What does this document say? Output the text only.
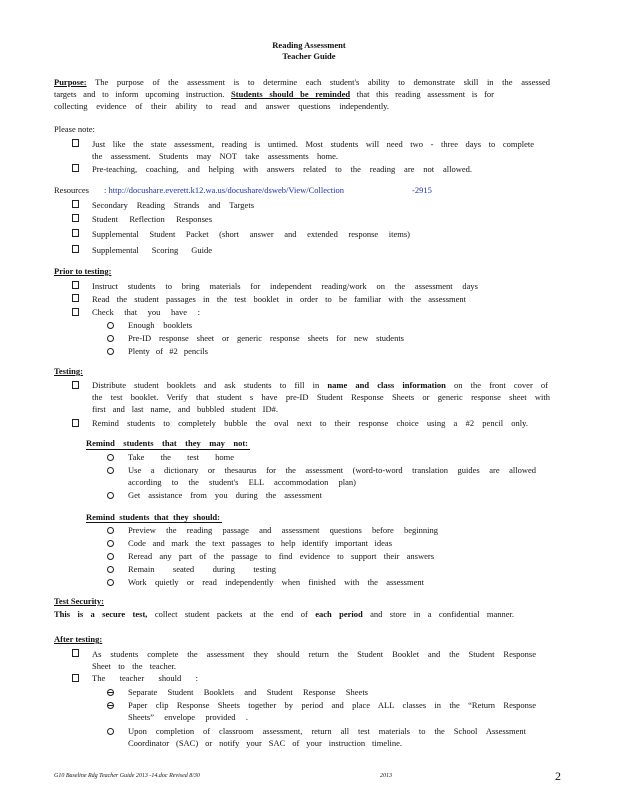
Reading Assessment
Teacher Guide
Purpose: The purpose of the assessment is to determine each student's ability to demonstrate skill in the assessed
targets and to inform upcoming instruction. Students should be reminded that this reading assessment is for
collecting evidence of their ability to read and answer questions independently.
Please note:
Just like the state assessment, reading is untimed. Most students will need two - three days to complete
the assessment. Students may NOT take assessments home.
Pre-teaching, coaching, and helping with answers related to the reading are not allowed.
Resources : http://docushare.everett.k12.wa.us/docushare/dsweb/View/Collection	-2915
Secondary Reading Strands and Targets
Student Reflection Responses
Supplemental Student Packet (short answer and extended response items)
Supplemental Scoring Guide
Prior to testing:
Instruct students to bring materials for independent reading/work on the assessment days
Read the student passages in the test booklet in order to be familiar with the assessment
Check that you have :
Enough booklets
Pre-ID response sheet or generic response sheets for new students
Plenty of #2 pencils
Testing:
Distribute student booklets and ask students to fill in name and class information on the front cover of
the test booklet. Verify that student s have pre-ID Student Response Sheets or generic response sheet with
first and last name, and bubbled student ID#.
Remind students to completely bubble the oval next to their response choice using a #2 pencil only.
Remind students that they may not:
Take the test home
Use a dictionary or thesaurus for the assessment (word-to-word translation guides are allowed
according to the student's ELL accommodation plan)
Get assistance from you during the assessment
Remind students that they should:
Preview the reading passage and assessment questions before beginning
Code and mark the text passages to help identify important ideas
Reread any part of the passage to find evidence to support their answers
Remain seated during testing
Work quietly or read independently when finished with the assessment
Test Security:
This is a secure test, collect student packets at the end of each period and store in a confidential manner.
After testing:
As students complete the assessment they should return the Student Booklet and the Student Response
Sheet to the teacher.
The teacher should :
Separate Student Booklets and Student Response Sheets
Paper clip Response Sheets together by period and place ALL classes in the “Return Response
Sheets” envelope provided .
Upon completion of classroom assessment, return all test materials to the School Assessment
Coordinator (SAC) or notify your SAC of your instruction timeline.
G10 Baseline Rdg Teacher Guide 2013 -14.doc Revised 8/30	2013	2
